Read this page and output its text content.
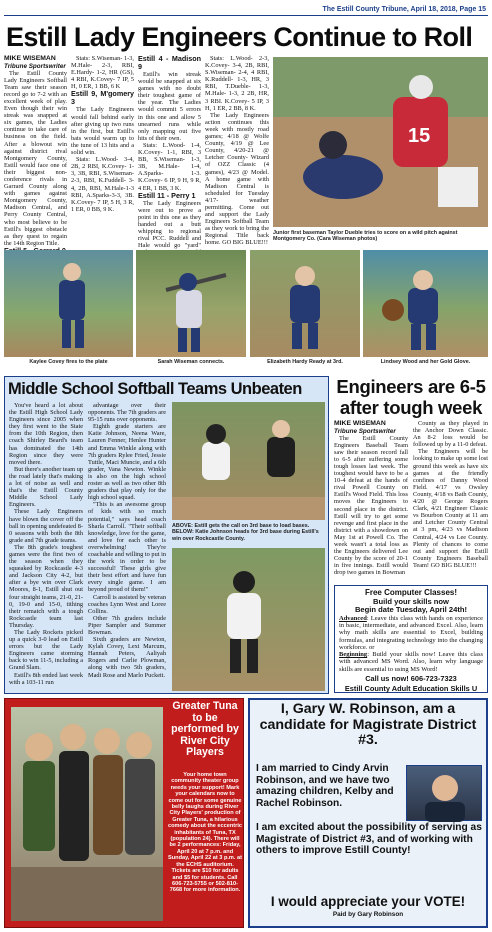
The Estill County Tribune, April 18, 2018, Page 15
Estill Lady Engineers Continue to Roll
MIKE WISEMAN
Tribune Sportswriter

The Estill County Lady Engineers Softball Team saw their season record go to 7-2 with an excellent week of play. Even though their win streak was snapped at six games, the Ladies continue to take care of business on the field. After a blowout win against district rival Montgomery County, Estill would face one of their biggest non-conference rivals in Garrard County along with games against Montgomery County, Madison Central, and Perry County Central, who most believe to be Estill's biggest obstacle as they quest to regain the 14th Region Title.

Stats: S.Wiseman- 1-3, M.Hale- 2-3, RBI, E.Hardy- 1-2, HR (GS), 4 RBI, K.Covey- 7 IP, 5 H, 0 ER, 1 BB, 6 K

Estill 9, M'gomery 3

The Lady Engineers would fall behind early after giving up two runs in the first, but Estill's bats would warm up to the tune of 13 hits and a solid win.

Stats: L.Wood- 3-4, 2B, 2 RBI, K.Covey- 1-3, 3B, RBI, S.Wiseman- 2-3, RBI, K.Fuddell- 3-4, 2B, RBI, M.Hale-1-3 RBI, A.Sparks-3-3, 3B. K.Covey- 7 IP, 5 H, 3 R, 1 ER, 0 BB, 9 K.

Estill 4 - Madison 9

Estill's win streak would be snapped at six games with no doubt their toughest game of the year. The Ladies would commit 5 errors in this one and allow 5 unearned runs while only mapping out five hits of their own.

Stats: L.Wood- 1-4, K.Covey- 1-1, RBI, 3 BB, S.Wiseman- 1-3, 3B, M.Hale- 1-4, A.Sparks- 1-3. K.Covey- 6 IP, 9 H, 9 R, 4 ER, 1 BB, 3 K.

Estill 11 - Perry 1

The Lady Engineers were out to prove a point in this one as they handed out a butt whipping to regional rival PCC. Ruddell and Hale would go "yard"

Stats: L.Wood- 2-3, K.Covey- 3-4, 2B, RBI, S.Wiseman- 2-4, 4 RBI, K.Ruddell- 1-3, HR, 3 RBI, T.Dueble- 1-3, M.Hale- 1-3, 2 2B, HR, 3 RBI. K.Covey- 5 IP, 3 H, 1 ER, 2 BB, 8 K.

The Lady Engineers action continues this week with mostly road games; 4/18 @ Wolfe County, 4/19 @ Lee County, 4/20-21 @ Letcher County- Wizard of OZZ Classic (4 games), 4/23 @ Model. A home game with Madison Central is scheduled for Tuesday 4/17- weather permitting. Come out and support the Lady Engineers Softball Team as they work to bring the Regional Title back home. GO BIG BLUE!!!

15
Junior first baseman Taylor Dueble tries to score on a wild pitch against Montgomery Co. (Cara Wiseman photos)
Kaylee Covey fires to the plate	Sarah Wiseman connects.	Elizabeth Hardy Ready at 3rd.	Lindsey Wood and her Gold Glove.
Middle School Softball Teams Unbeaten

You've heard a lot about the Estill High School Lady Engineers since 2005 when they first went to the State from the 10th Region, then coach Shirley Beard's team has dominated the 14th Region since they were moved there.

But there's another team up the road lately that's making a lot of noise as well and that's the Estill County Middle School Lady Engineers.

These Lady Engineers have blown the cover off the ball in opening undefeated 8-0 seasons with both the 8th grade and 7th grade teams.

The 8th grade's toughest games were the first two of the season when they squeaked by Rockcastle 4-3 and Jackson City 4-2, but after a bye win over Clark Moores, 8-1, Estill shut out four straight teams, 21-0, 21-0, 19-0 and 15-0, tithing their rematch with a tough Rockcastle team last Thursday.

The Lady Rockets picked up a quick 3-0 lead on Estill errors but the Lady Engineers came storming back to win 11-5, including a Grand Slam.

Estill's 8th ended last week with a 103-11 run

advantage over their opponents. The 7th graders are 95-15 runs over opponents.

Eighth grade starters are Katie Johnson, Neena Ware, Lauren Fenner, Henlee Hunter and Emma Winkle along with 7th graders Rylee Fried, Jessie Tuttle, Maci Muncie, and a 6th grader, Vana Newton. Winkle is also on the high school roster as well as two other 8th graders that play only for the high school squad.

"This is an awesome group of kids with so much potential," says head coach Sharla Carroll. "Their softball knowledge, love for the game, and love for each other is overwhelming! They're coachable and willing to put in the work in order to be successful! These girls give their best effort and have fun every single game. I am beyond proud of them!"

Carroll is assisted by veteran coaches Lynn West and Loree Collins.

Other 7th graders include Piper Sampler and Summer Bowman.

Sixth graders are Newton, Kylah Covey, Lexi Marcum, Hannah Peters, Aaliyah Rogers and Carlie Plowman, along with two 5th graders, Madi Rose and Marlo Puckett.

ABOVE: Estill gets the call on 3rd base to load bases. BELOW: Katie Johnson heads for 3rd base during Estill's win over Rockcastle County.
Engineers are 6-5 after tough week
MIKE WISEMAN
Tribune Sportswriter

The Estill County Engineers Baseball Team saw their season record fall to 6-5 after suffering some tough losses last week. The toughest would have to be a 10-4 defeat at the hands of rival Powell County on Estill's Wood Field. This loss moves the Engineers to second place in the district. Estill will try to get some revenge and first place in the district with a showdown on May 1st at Powell Co. The week wasn't a total loss as the Engineers delivered Lee County by the score of 20-1 in five innings. Estill would drop two games in Bowman

County as they played in the Anchor Down Classic. An 8-2 loss would be followed up by a 11-0 defeat.

The Engineers will be looking to make up some lost ground this week as have six games at the friendly confines of Danny Wood Field. 4/17 vs Owsley County, 4/18 vs Bath County, 4/20 @ George Rogers Clark, 4/21 Engineer Classic vs Bourbon County at 11 am and Letcher County Central at 3 pm, 4/23 vs Madison Central, 4/24 vs Lee County. Plenty of chances to come out and support the Estill County Engineers Baseball Team! GO BIG BLUE!!!

Free Computer Classes!
Build your skills now
Begin date Tuesday, April 24th!
Advanced: Leave this class with hands on experience in basic, intermediate, and advanced Excel. Also, learn why math skills are essential to Excel, building formulas, and integrating technology into the changing workforce. or
Beginning: Build your skills now! Leave this class with advanced MS Word. Also, learn why language skills are essential to using MS Word!
Call us now! 606-723-7323
Estill County Adult Education Skills U
Greater Tuna to be performed by River City Players
Your home town community theater group needs your support! Mark your calendars now to come out for some genuine belly laughs during River City Players' production of Greater Tuna, a hilarious comedy about the eccentric inhabitants of Tuna, TX (population 24). There will be 2 performances: Friday, April 20 at 7 p.m. and Sunday, April 22 at 3 p.m. at the ECHS auditorium. Tickets are $10 for adults and $5 for students. Call 606-723-5755 or 502-810-7668 for more information.
I, Gary W. Robinson, am a candidate for Magistrate District #3.
I am married to Cindy Arvin Robinson, and we have two amazing children, Kelby and Rachel Robinson.
I am excited about the possibility of serving as Magistrate of District #3, and of working with others to improve Estill County!
I would appreciate your VOTE!
Paid by Gary Robinson
